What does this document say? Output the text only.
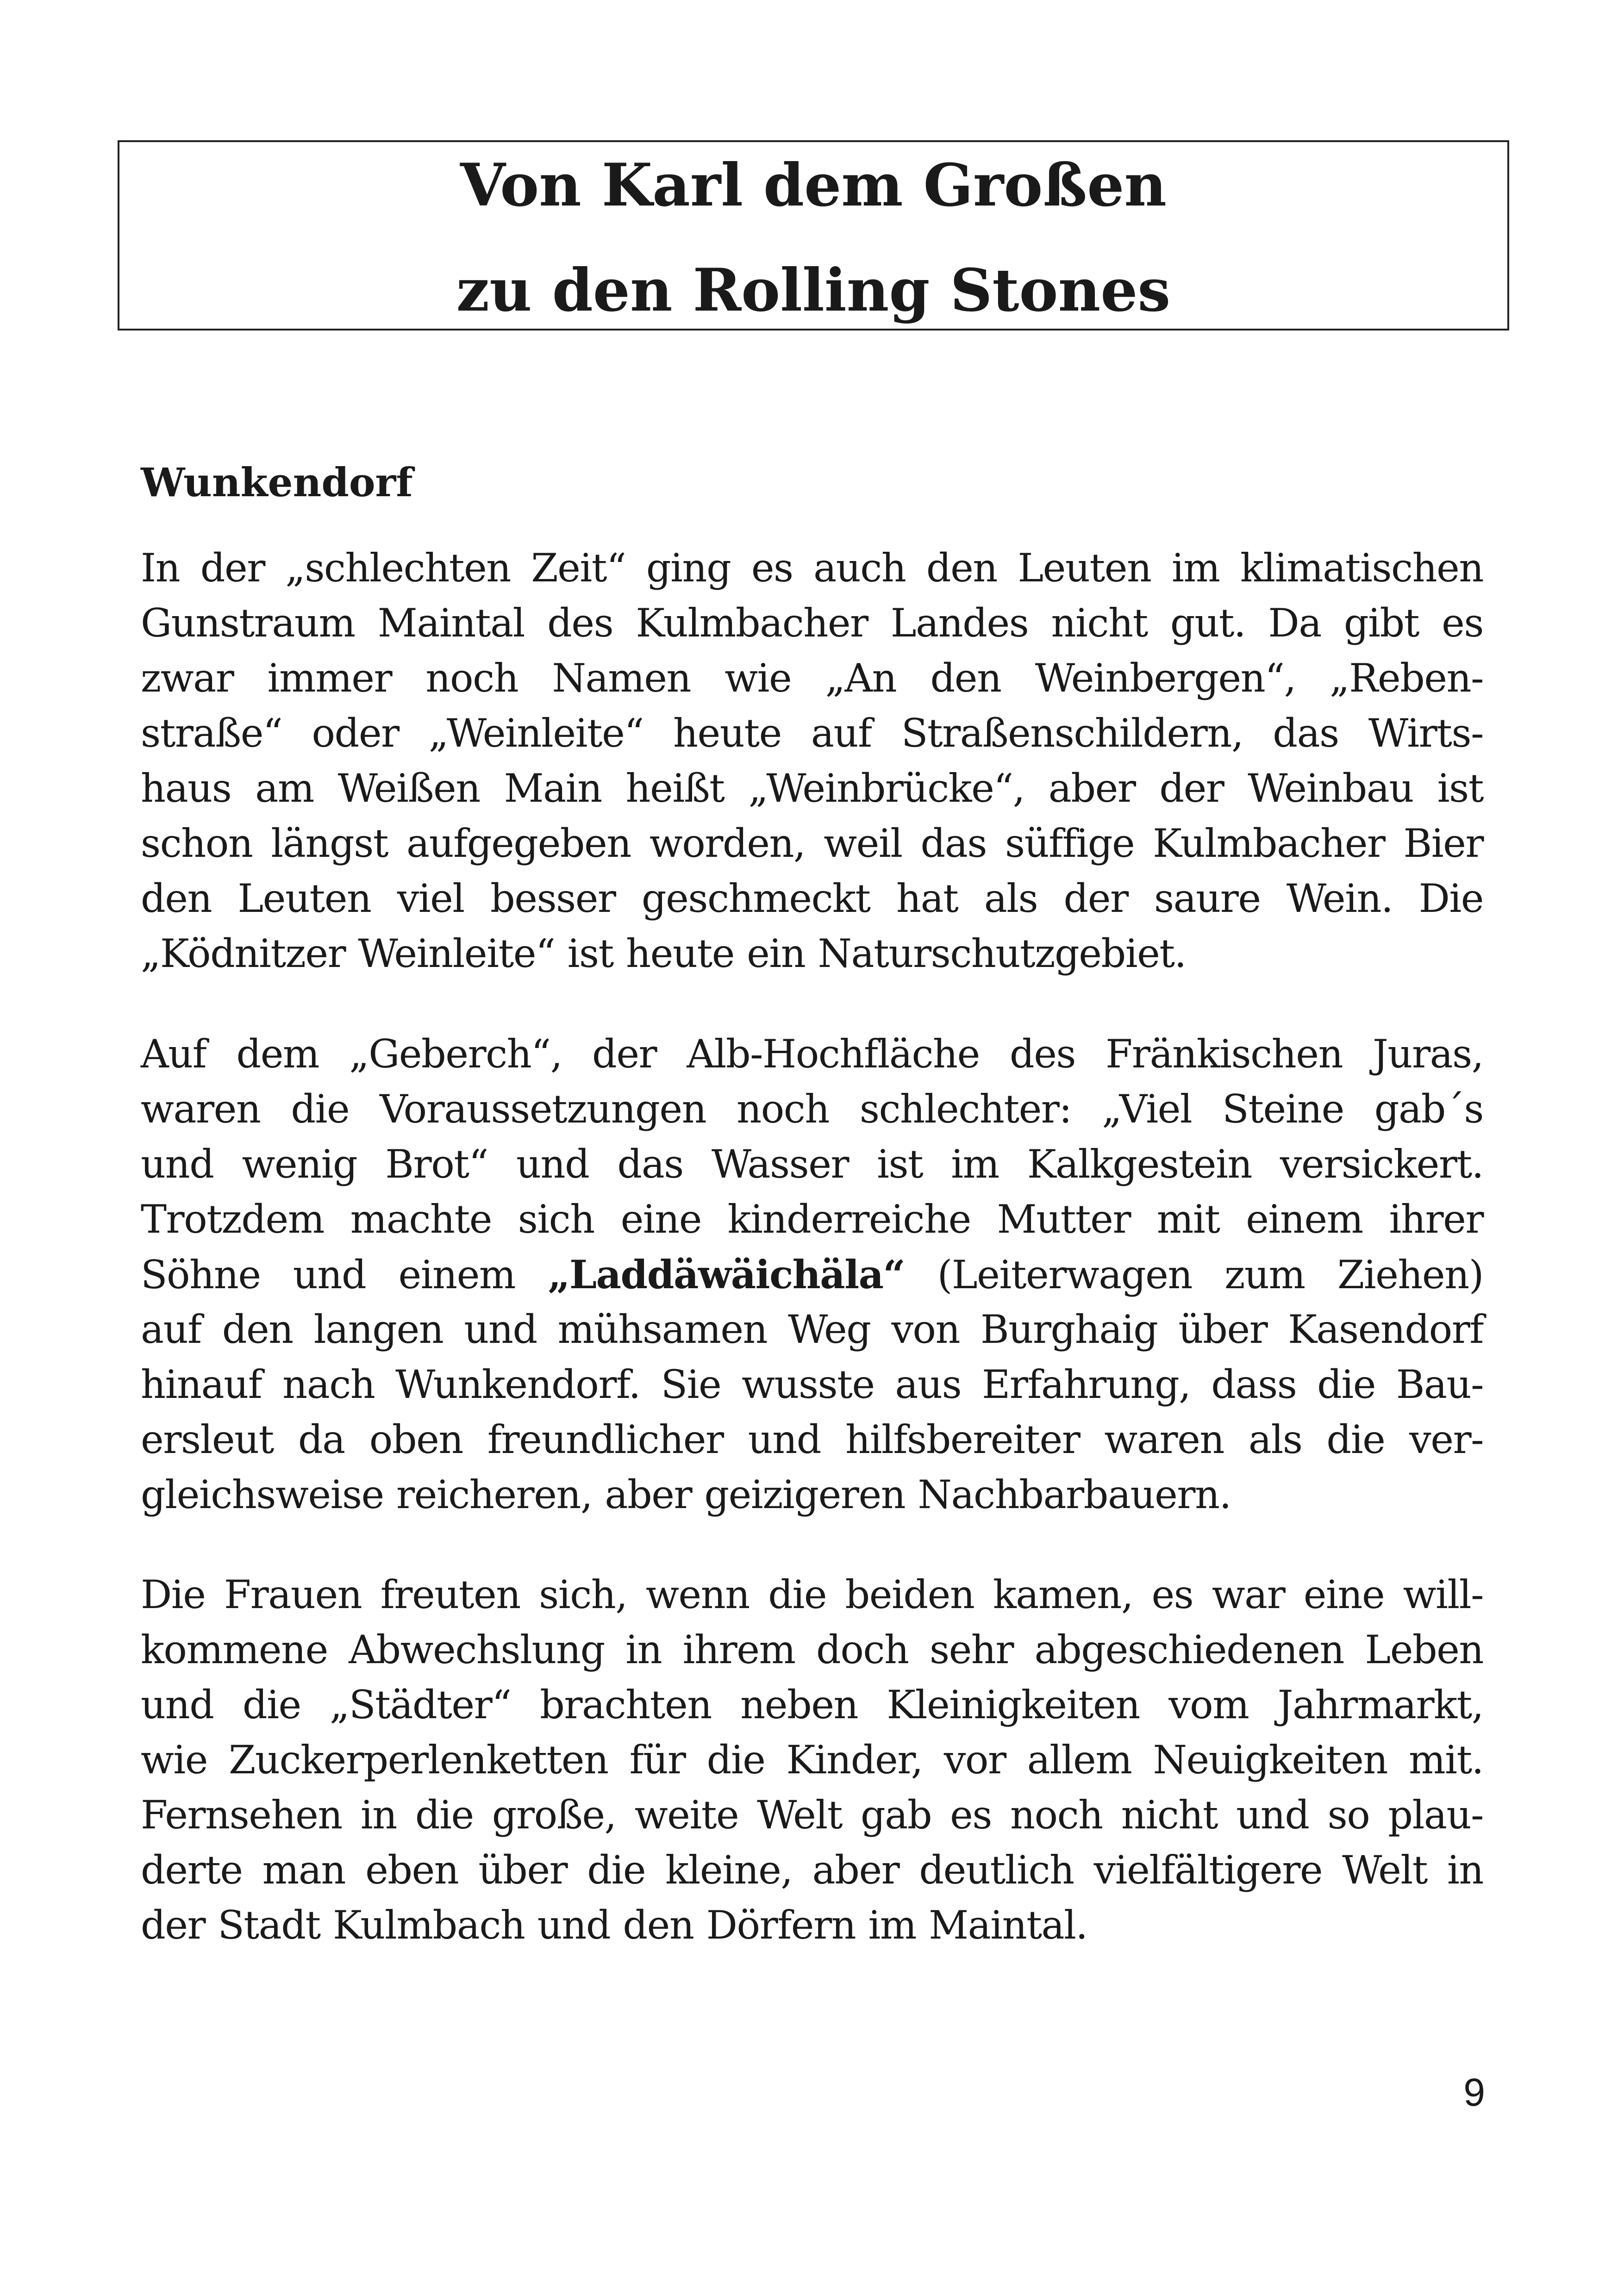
Von Karl dem Großen
zu den Rolling Stones
Wunkendorf
In der „schlechten Zeit“ ging es auch den Leuten im klimatischen
Gunstraum Maintal des Kulmbacher Landes nicht gut. Da gibt es
zwar immer noch Namen wie „An den Weinbergen“, „Reben-
straße“ oder „Weinleite“ heute auf Straßenschildern, das Wirts-
haus am Weißen Main heißt „Weinbrücke“, aber der Weinbau ist
schon längst aufgegeben worden, weil das süffige Kulmbacher Bier
den Leuten viel besser geschmeckt hat als der saure Wein. Die
„Ködnitzer Weinleite“ ist heute ein Naturschutzgebiet.
Auf dem „Geberch“, der Alb-Hochfläche des Fränkischen Juras,
waren die Voraussetzungen noch schlechter: „Viel Steine gab´s
und wenig Brot“ und das Wasser ist im Kalkgestein versickert.
Trotzdem machte sich eine kinderreiche Mutter mit einem ihrer
Söhne und einem „Laddäwäichäla“ (Leiterwagen zum Ziehen)
auf den langen und mühsamen Weg von Burghaig über Kasendorf
hinauf nach Wunkendorf. Sie wusste aus Erfahrung, dass die Bau-
ersleut da oben freundlicher und hilfsbereiter waren als die ver-
gleichsweise reicheren, aber geizigeren Nachbarbauern.
Die Frauen freuten sich, wenn die beiden kamen, es war eine will-
kommene Abwechslung in ihrem doch sehr abgeschiedenen Leben
und die „Städter“ brachten neben Kleinigkeiten vom Jahrmarkt,
wie Zuckerperlenketten für die Kinder, vor allem Neuigkeiten mit.
Fernsehen in die große, weite Welt gab es noch nicht und so plau-
derte man eben über die kleine, aber deutlich vielfältigere Welt in
der Stadt Kulmbach und den Dörfern im Maintal.
9
